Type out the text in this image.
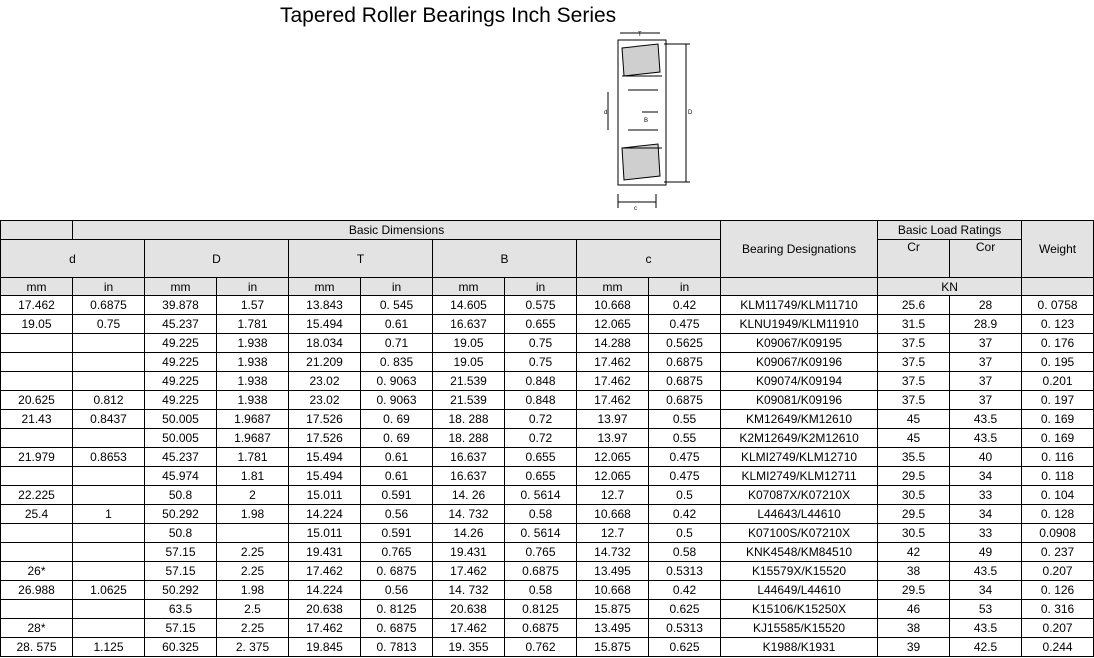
Tapered Roller Bearings Inch Series
T
c
d	D
B
	Basic Dimensions									Bearing Designations	Basic Load Ratings		Weight
d		D		T		B		c			Cr	Cor	
mm	in	mm	in	mm	in	mm	in	mm	in		KN		
17.462	0.6875	39.878	1.57	13.843	0. 545	14.605	0.575	10.668	0.42	KLM11749/KLM11710	25.6	28	0. 0758
19.05	0.75	45.237	1.781	15.494	0.61	16.637	0.655	12.065	0.475	KLNU1949/KLM11910	31.5	28.9	0. 123
		49.225	1.938	18.034	0.71	19.05	0.75	14.288	0.5625	K09067/K09195	37.5	37	0. 176
		49.225	1.938	21.209	0. 835	19.05	0.75	17.462	0.6875	K09067/K09196	37.5	37	0. 195
		49.225	1.938	23.02	0. 9063	21.539	0.848	17.462	0.6875	K09074/K09194	37.5	37	0.201
20.625	0.812	49.225	1.938	23.02	0. 9063	21.539	0.848	17.462	0.6875	K09081/K09196	37.5	37	0. 197
21.43	0.8437	50.005	1.9687	17.526	0. 69	18. 288	0.72	13.97	0.55	KM12649/KM12610	45	43.5	0. 169
		50.005	1.9687	17.526	0. 69	18. 288	0.72	13.97	0.55	K2M12649/K2M12610	45	43.5	0. 169
21.979	0.8653	45.237	1.781	15.494	0.61	16.637	0.655	12.065	0.475	KLMI2749/KLM12710	35.5	40	0. 116
		45.974	1.81	15.494	0.61	16.637	0.655	12.065	0.475	KLMI2749/KLM12711	29.5	34	0. 118
22.225		50.8	2	15.011	0.591	14. 26	0. 5614	12.7	0.5	K07087X/K07210X	30.5	33	0. 104
25.4	1	50.292	1.98	14.224	0.56	14. 732	0.58	10.668	0.42	L44643/L44610	29.5	34	0. 128
		50.8		15.011	0.591	14.26	0. 5614	12.7	0.5	K07100S/K07210X	30.5	33	0.0908
		57.15	2.25	19.431	0.765	19.431	0.765	14.732	0.58	KNK4548/KM84510	42	49	0. 237
26*		57.15	2.25	17.462	0. 6875	17.462	0.6875	13.495	0.5313	K15579X/K15520	38	43.5	0.207
26.988	1.0625	50.292	1.98	14.224	0.56	14. 732	0.58	10.668	0.42	L44649/L44610	29.5	34	0. 126
		63.5	2.5	20.638	0. 8125	20.638	0.8125	15.875	0.625	K15106/K15250X	46	53	0. 316
28*		57.15	2.25	17.462	0. 6875	17.462	0.6875	13.495	0.5313	KJ15585/K15520	38	43.5	0.207
28. 575	1.125	60.325	2. 375	19.845	0. 7813	19. 355	0.762	15.875	0.625	K1988/K1931	39	42.5	0.244
